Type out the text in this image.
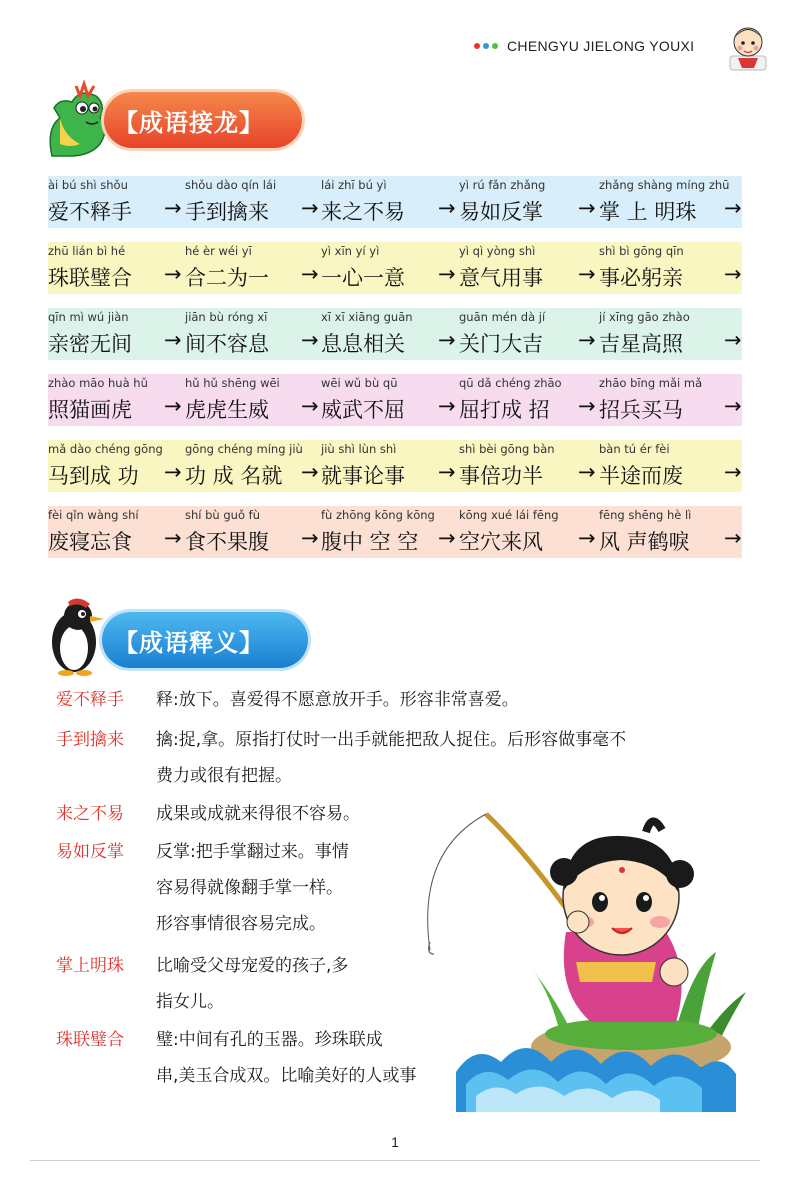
CHENGYU JIELONG YOUXI
【成语接龙】
ài bú shì shǒu
爱不释手 →
shǒu dào qín lái
手到擒来 →
lái zhī bú yì
来之不易 →
yì rú fǎn zhǎng
易如反掌 →
zhǎng shàng míng zhū
掌 上 明珠 →
zhū lián bì hé
珠联璧合 →
hé èr wéi yī
合二为一 →
yì xīn yí yì
一心一意 →
yì qì yòng shì
意气用事 →
shì bì gōng qīn
事必躬亲 →
qīn mì wú jiàn
亲密无间 →
jiān bù róng xī
间不容息 →
xī xī xiāng guān
息息相关 →
guān mén dà jí
关门大吉 →
jí xīng gāo zhào
吉星高照 →
zhào māo huà hǔ
照猫画虎 →
hǔ hǔ shēng wēi
虎虎生威 →
wēi wǔ bù qū
威武不屈 →
qū dǎ chéng zhāo
屈打成 招 →
zhāo bīng mǎi mǎ
招兵买马 →
mǎ dào chéng gōng
马到成 功 →
gōng chéng míng jiù
功 成 名就 →
jiù shì lùn shì
就事论事 →
shì bèi gōng bàn
事倍功半 →
bàn tú ér fèi
半途而废 →
fèi qǐn wàng shí
废寝忘食 →
shí bù guǒ fù
食不果腹 →
fù zhōng kōng kōng
腹中 空 空 →
kōng xué lái fēng
空穴来风 →
fēng shēng hè lì
风 声鹤唳 →
【成语释义】
爱不释手 释:放下。喜爱得不愿意放开手。形容非常喜爱。
手到擒来 擒:捉,拿。原指打仗时一出手就能把敌人捉住。后形容做事毫不
费力或很有把握。
来之不易 成果或成就来得很不容易。
易如反掌 反掌:把手掌翻过来。事情
容易得就像翻手掌一样。
形容事情很容易完成。
掌上明珠 比喻受父母宠爱的孩子,多
指女儿。
珠联璧合 璧:中间有孔的玉器。珍珠联成
串,美玉合成双。比喻美好的人或事
1
